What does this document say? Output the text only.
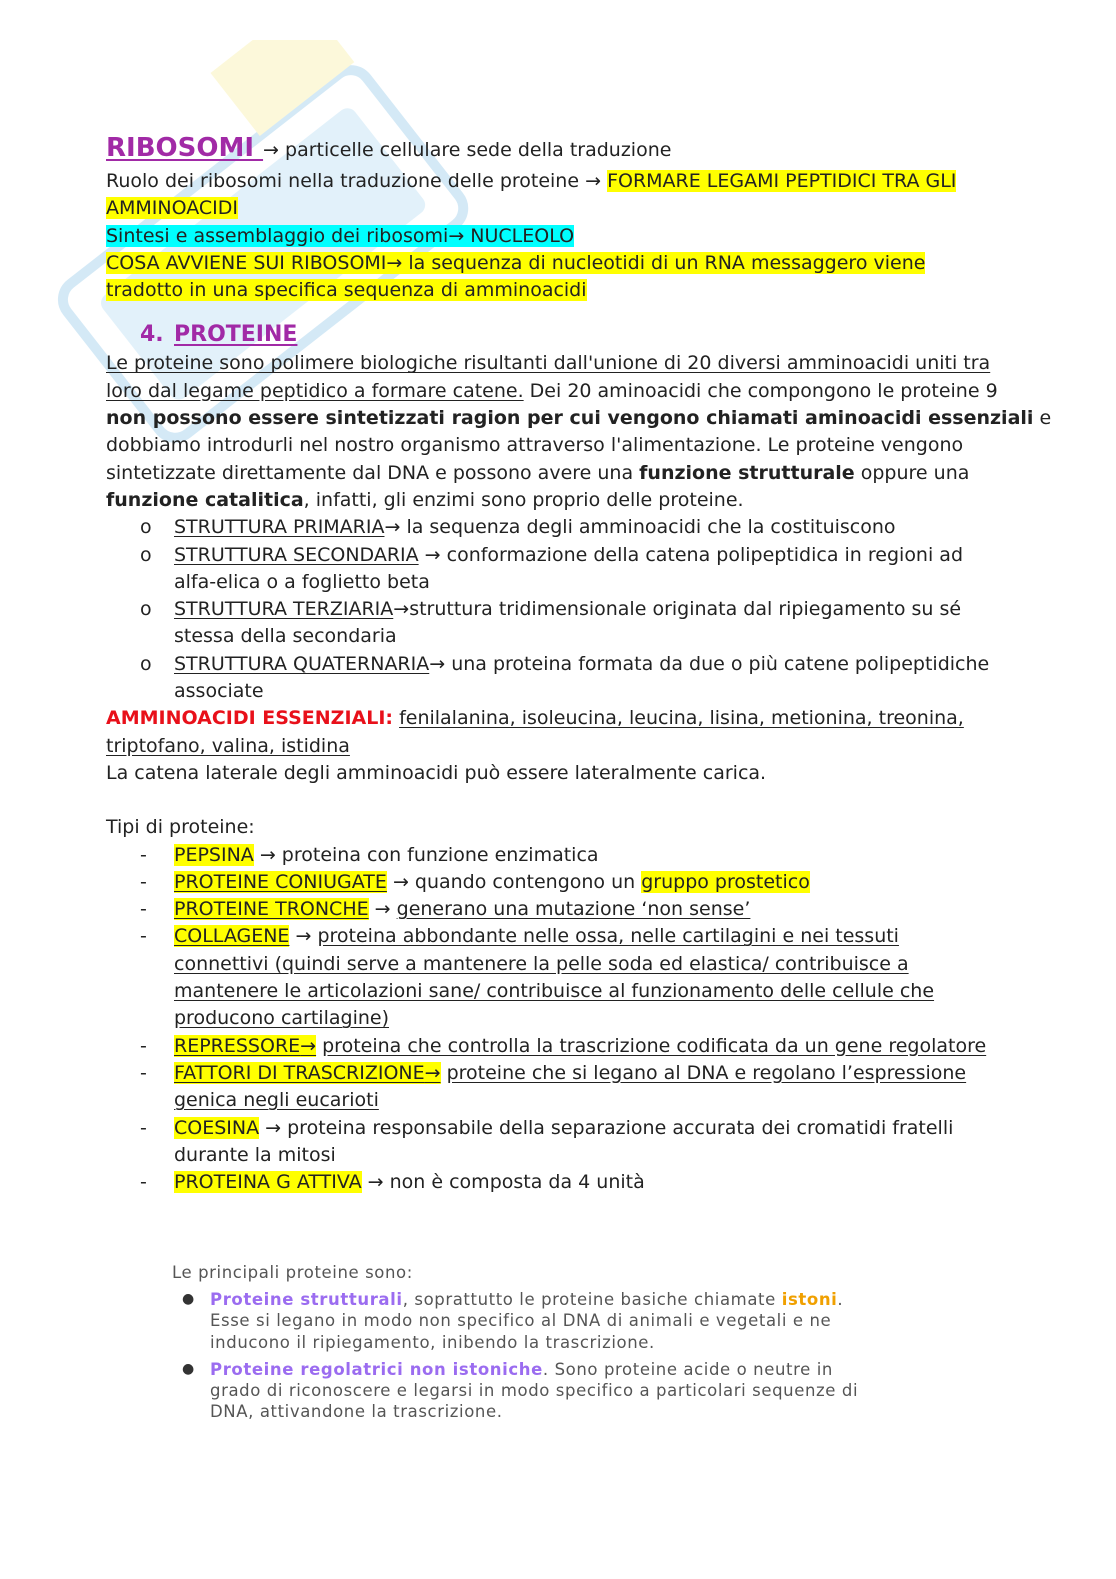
RIBOSOMI → particelle cellulare sede della traduzione
Ruolo dei ribosomi nella traduzione delle proteine → FORMARE LEGAMI PEPTIDICI TRA GLI
AMMINOACIDI
Sintesi e assemblaggio dei ribosomi→ NUCLEOLO
COSA AVVIENE SUI RIBOSOMI→ la sequenza di nucleotidi di un RNA messaggero viene
tradotto in una specifica sequenza di amminoacidi
4. PROTEINE
Le proteine sono polimere biologiche risultanti dall'unione di 20 diversi amminoacidi uniti tra
loro dal legame peptidico a formare catene. Dei 20 aminoacidi che compongono le proteine 9
non possono essere sintetizzati ragion per cui vengono chiamati aminoacidi essenziali e
dobbiamo introdurli nel nostro organismo attraverso l'alimentazione. Le proteine vengono
sintetizzate direttamente dal DNA e possono avere una funzione strutturale oppure una
funzione catalitica, infatti, gli enzimi sono proprio delle proteine.
o STRUTTURA PRIMARIA→ la sequenza degli amminoacidi che la costituiscono
o STRUTTURA SECONDARIA → conformazione della catena polipeptidica in regioni ad
alfa-elica o a foglietto beta
o STRUTTURA TERZIARIA→struttura tridimensionale originata dal ripiegamento su sé
stessa della secondaria
o STRUTTURA QUATERNARIA→ una proteina formata da due o più catene polipeptidiche
associate
AMMINOACIDI ESSENZIALI: fenilalanina, isoleucina, leucina, lisina, metionina, treonina,
triptofano, valina, istidina
La catena laterale degli amminoacidi può essere lateralmente carica.
Tipi di proteine:
- PEPSINA → proteina con funzione enzimatica
- PROTEINE CONIUGATE → quando contengono un gruppo prostetico
- PROTEINE TRONCHE → generano una mutazione ‘non sense’
- COLLAGENE → proteina abbondante nelle ossa, nelle cartilagini e nei tessuti
connettivi (quindi serve a mantenere la pelle soda ed elastica/ contribuisce a
mantenere le articolazioni sane/ contribuisce al funzionamento delle cellule che
producono cartilagine)
- REPRESSORE→ proteina che controlla la trascrizione codificata da un gene regolatore
- FATTORI DI TRASCRIZIONE→ proteine che si legano al DNA e regolano l’espressione
genica negli eucarioti
- COESINA → proteina responsabile della separazione accurata dei cromatidi fratelli
durante la mitosi
- PROTEINA G ATTIVA → non è composta da 4 unità
Le principali proteine sono:
● Proteine strutturali, soprattutto le proteine basiche chiamate istoni.
Esse si legano in modo non specifico al DNA di animali e vegetali e ne
inducono il ripiegamento, inibendo la trascrizione.
● Proteine regolatrici non istoniche. Sono proteine acide o neutre in
grado di riconoscere e legarsi in modo specifico a particolari sequenze di
DNA, attivandone la trascrizione.
